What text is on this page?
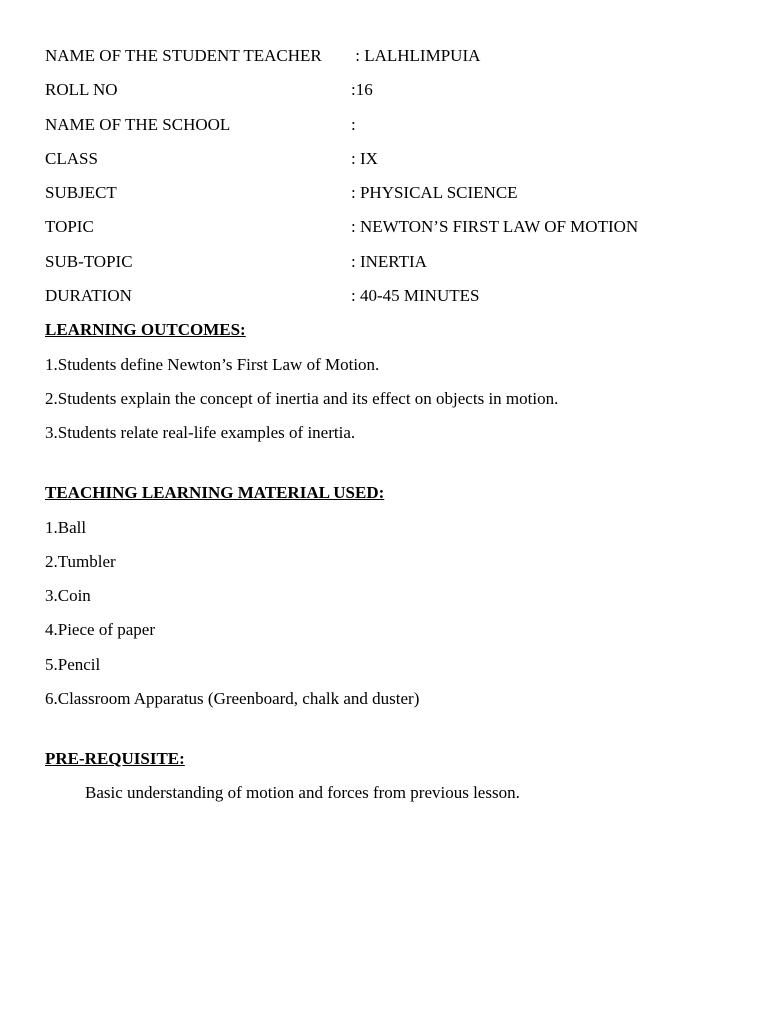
NAME OF THE STUDENT TEACHER	: LALHLIMPUIA
ROLL NO	:16
NAME OF THE SCHOOL	:
CLASS	: IX
SUBJECT	: PHYSICAL SCIENCE
TOPIC	: NEWTON’S FIRST LAW OF MOTION
SUB-TOPIC	: INERTIA
DURATION	: 40-45 MINUTES
LEARNING OUTCOMES:
1.Students define Newton’s First Law of Motion.
2.Students explain the concept of inertia and its effect on objects in motion.
3.Students relate real-life examples of inertia.
TEACHING LEARNING MATERIAL USED:
1.Ball
2.Tumbler
3.Coin
4.Piece of paper
5.Pencil
6.Classroom Apparatus (Greenboard, chalk and duster)
PRE-REQUISITE:
Basic understanding of motion and forces from previous lesson.
